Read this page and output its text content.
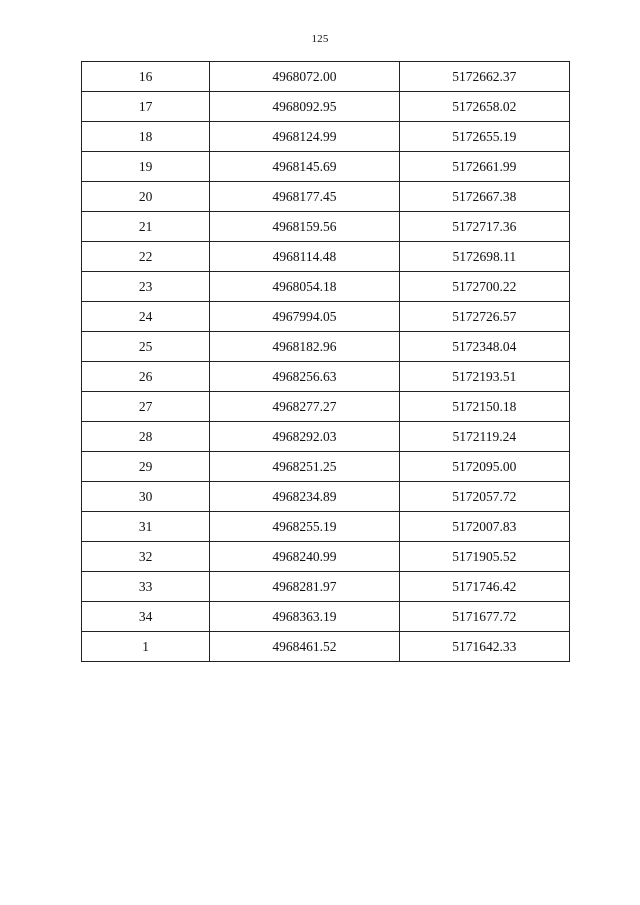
125
16	4968072.00	5172662.37
17	4968092.95	5172658.02
18	4968124.99	5172655.19
19	4968145.69	5172661.99
20	4968177.45	5172667.38
21	4968159.56	5172717.36
22	4968114.48	5172698.11
23	4968054.18	5172700.22
24	4967994.05	5172726.57
25	4968182.96	5172348.04
26	4968256.63	5172193.51
27	4968277.27	5172150.18
28	4968292.03	5172119.24
29	4968251.25	5172095.00
30	4968234.89	5172057.72
31	4968255.19	5172007.83
32	4968240.99	5171905.52
33	4968281.97	5171746.42
34	4968363.19	5171677.72
1	4968461.52	5171642.33
